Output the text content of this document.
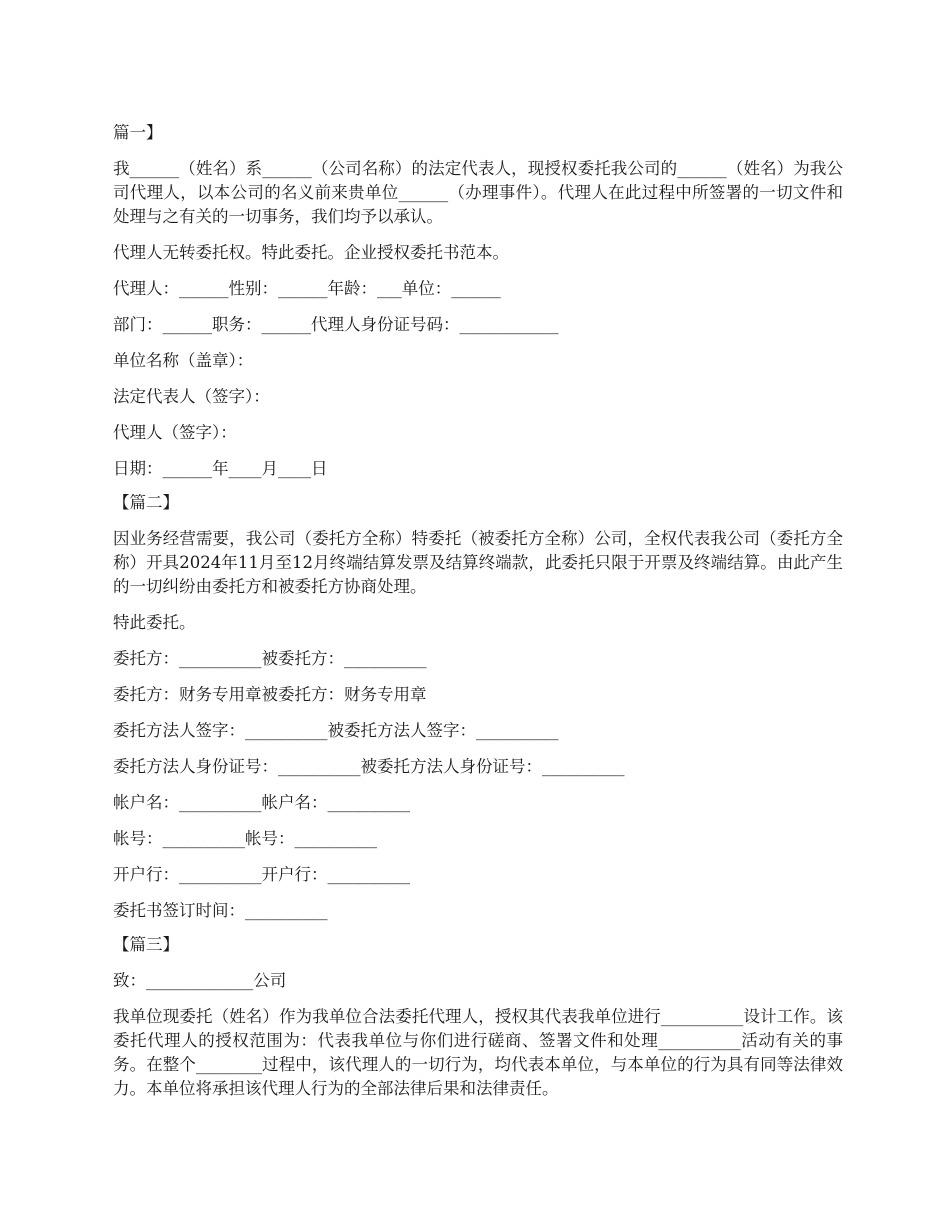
篇一】
我______（姓名）系______（公司名称）的法定代表人，现授权委托我公司的______（姓名）为我公司代理人，以本公司的名义前来贵单位______（办理事件）。代理人在此过程中所签署的一切文件和处理与之有关的一切事务，我们均予以承认。
代理人无转委托权。特此委托。企业授权委托书范本。
代理人：______性别：______年龄：___单位：______
部门：______职务：______代理人身份证号码：____________
单位名称（盖章）：
法定代表人（签字）：
代理人（签字）：
日期：______年____月____日
【篇二】
因业务经营需要，我公司（委托方全称）特委托（被委托方全称）公司，全权代表我公司（委托方全称）开具2024年11月至12月终端结算发票及结算终端款，此委托只限于开票及终端结算。由此产生的一切纠纷由委托方和被委托方协商处理。
特此委托。
委托方：__________被委托方：__________
委托方：财务专用章被委托方：财务专用章
委托方法人签字：__________被委托方法人签字：__________
委托方法人身份证号：__________被委托方法人身份证号：__________
帐户名：__________帐户名：__________
帐号：__________帐号：__________
开户行：__________开户行：__________
委托书签订时间：__________
【篇三】
致：_____________公司
我单位现委托（姓名）作为我单位合法委托代理人，授权其代表我单位进行__________设计工作。该委托代理人的授权范围为：代表我单位与你们进行磋商、签署文件和处理__________活动有关的事务。在整个________过程中，该代理人的一切行为，均代表本单位，与本单位的行为具有同等法律效力。本单位将承担该代理人行为的全部法律后果和法律责任。
